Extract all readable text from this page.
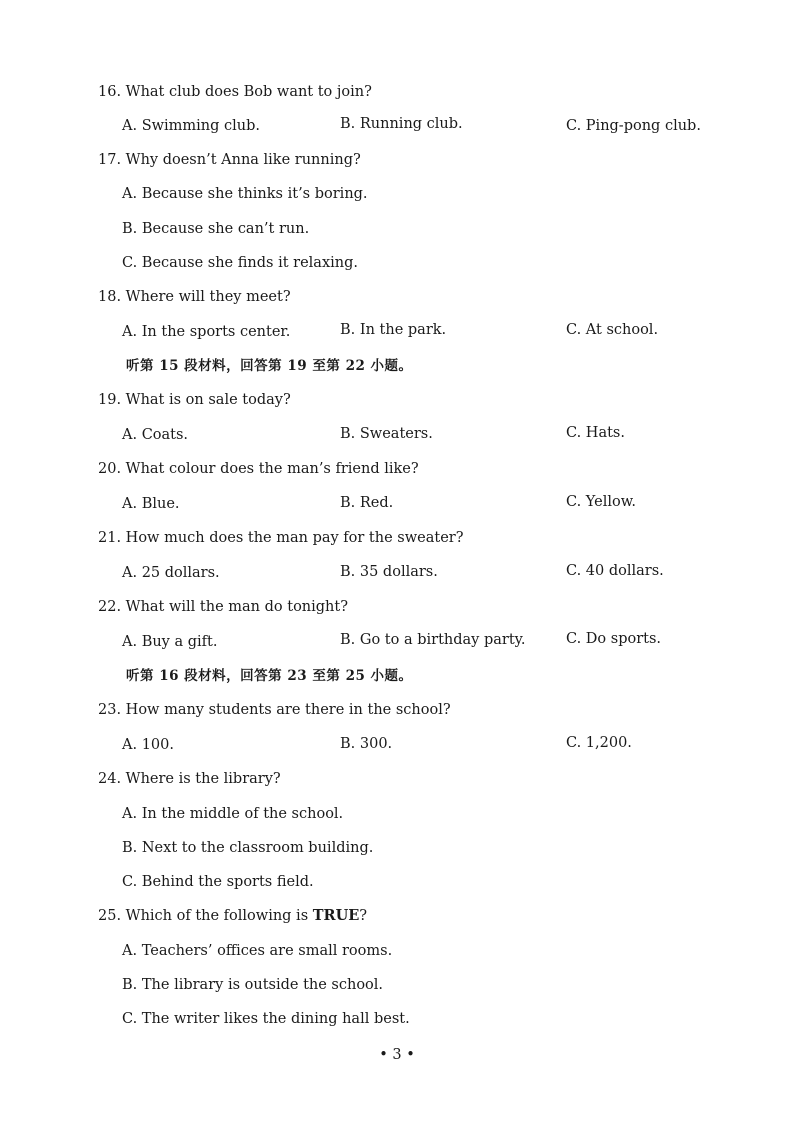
16. What club does Bob want to join?
A. Swimming club.	B. Running club.	C. Ping-pong club.
17. Why doesn’t Anna like running?
A. Because she thinks it’s boring.
B. Because she can’t run.
C. Because she finds it relaxing.
18. Where will they meet?
A. In the sports center.	B. In the park.	C. At school.
听第 15 段材料，回答第 19 至第 22 小题。
19. What is on sale today?
A. Coats.	B. Sweaters.	C. Hats.
20. What colour does the man’s friend like?
A. Blue.	B. Red.	C. Yellow.
21. How much does the man pay for the sweater?
A. 25 dollars.	B. 35 dollars.	C. 40 dollars.
22. What will the man do tonight?
A. Buy a gift.	B. Go to a birthday party.	C. Do sports.
听第 16 段材料，回答第 23 至第 25 小题。
23. How many students are there in the school?
A. 100.	B. 300.	C. 1,200.
24. Where is the library?
A. In the middle of the school.
B. Next to the classroom building.
C. Behind the sports field.
25. Which of the following is TRUE?
A. Teachers’ offices are small rooms.
B. The library is outside the school.
C. The writer likes the dining hall best.
• 3 •
